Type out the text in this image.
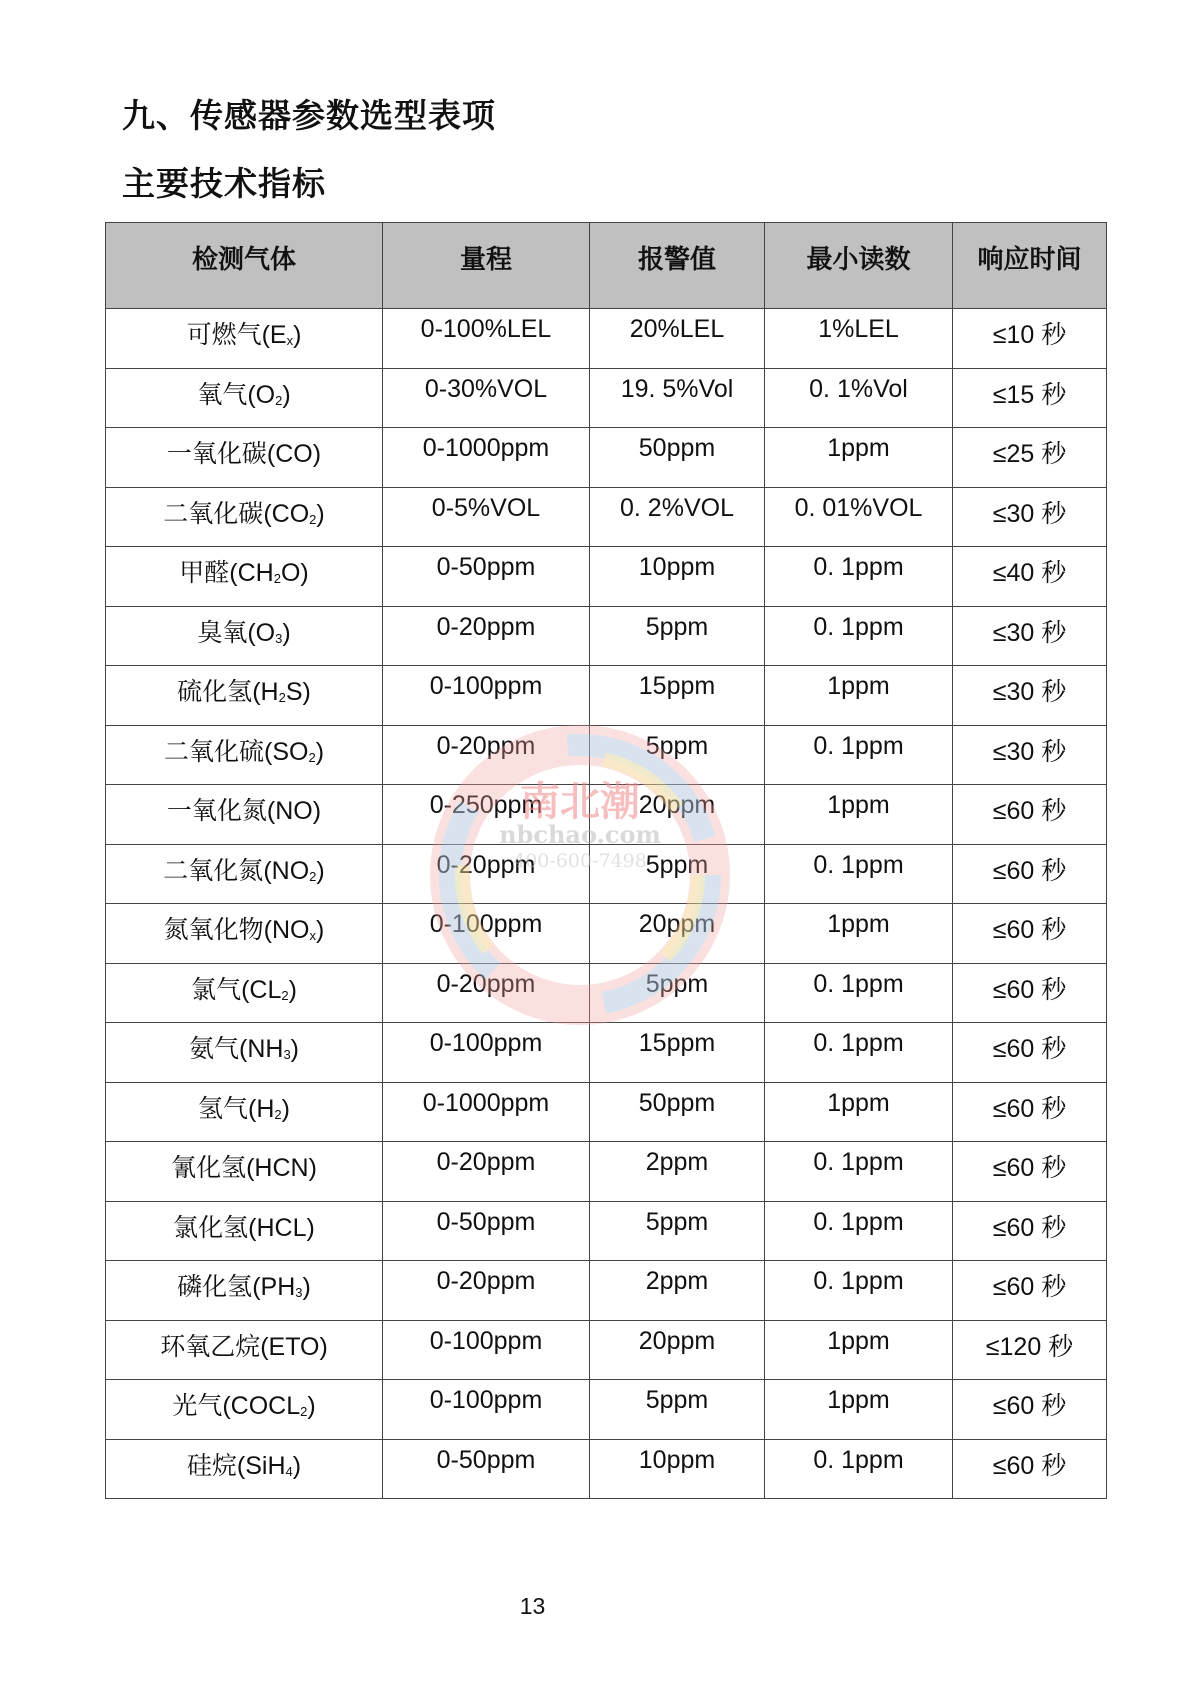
九、传感器参数选型表项
主要技术指标
检测气体	量程	报警值	最小读数	响应时间
可燃气$(E_x)$	0-100%LEL	20%LEL	1%LEL	≤10 秒
氧气$(O_2)$	0-30%VOL	19. 5%Vol	0. 1%Vol	≤15 秒
一氧化碳(CO)	0-1000ppm	50ppm	1ppm	≤25 秒
二氧化碳$(CO_2)$	0-5%VOL	0. 2%VOL	0. 01%VOL	≤30 秒
甲醛$(CH_2O)$	0-50ppm	10ppm	0. 1ppm	≤40 秒
臭氧$(O_3)$	0-20ppm	5ppm	0. 1ppm	≤30 秒
硫化氢$(H_2S)$	0-100ppm	15ppm	1ppm	≤30 秒
二氧化硫$(SO_2)$	0-20ppm	5ppm	0. 1ppm	≤30 秒
一氧化氮(NO)	0-250ppm	20ppm	1ppm	≤60 秒
二氧化氮$(NO_2)$	0-20ppm	5ppm	0. 1ppm	≤60 秒
氮氧化物$(NO_x)$	0-100ppm	20ppm	1ppm	≤60 秒
氯气$(CL_2)$	0-20ppm	5ppm	0. 1ppm	≤60 秒
氨气$(NH_3)$	0-100ppm	15ppm	0. 1ppm	≤60 秒
氢气$(H_2)$	0-1000ppm	50ppm	1ppm	≤60 秒
氰化氢(HCN)	0-20ppm	2ppm	0. 1ppm	≤60 秒
氯化氢(HCL)	0-50ppm	5ppm	0. 1ppm	≤60 秒
磷化氢$(PH_3)$	0-20ppm	2ppm	0. 1ppm	≤60 秒
环氧乙烷(ETO)	0-100ppm	20ppm	1ppm	≤120 秒
光气$(COCL_2)$	0-100ppm	5ppm	1ppm	≤60 秒
硅烷(SiH$_4$)	0-50ppm	10ppm	0. 1ppm	≤60 秒
南北潮
nbchao.com
400-600-7498
13
